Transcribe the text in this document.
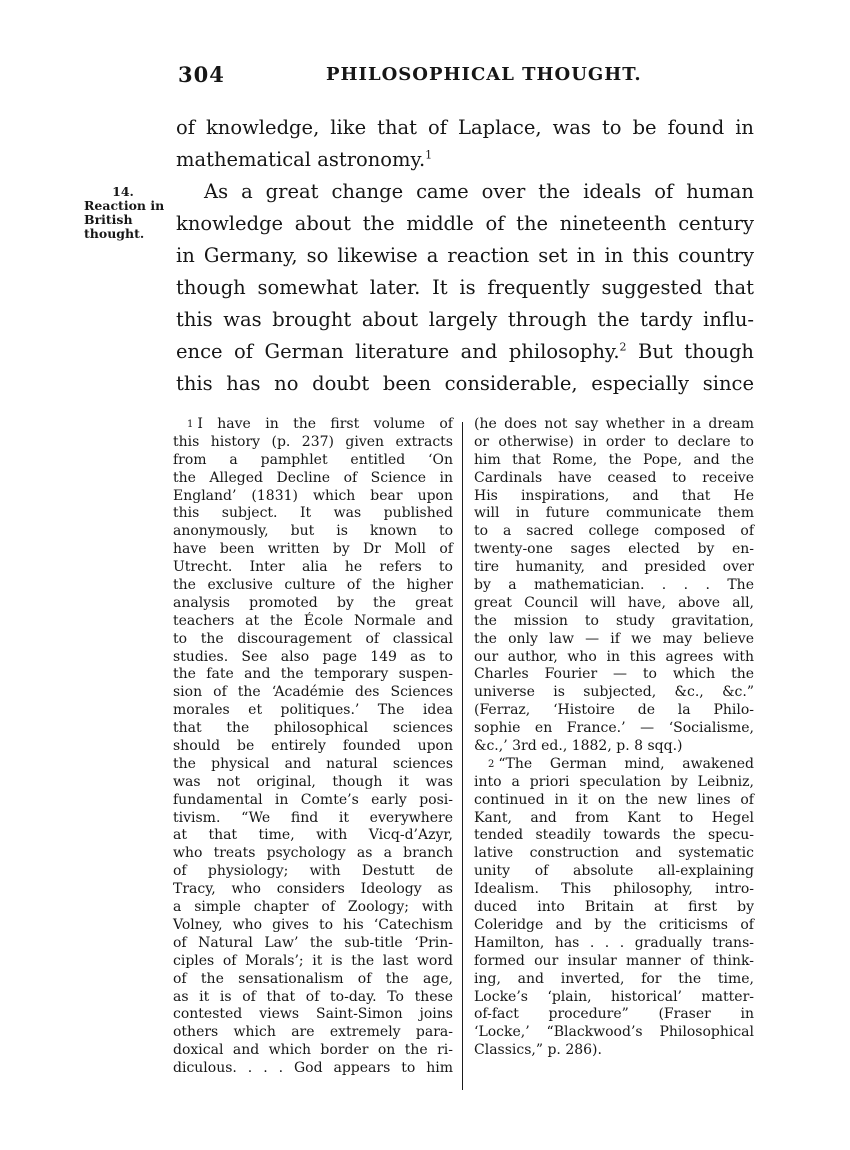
304	PHILOSOPHICAL THOUGHT.
14.
Reaction in
British
thought.
of knowledge, like that of Laplace, was to be found in
mathematical astronomy.$^1$
As a great change came over the ideals of human
knowledge about the middle of the nineteenth century
in Germany, so likewise a reaction set in in this country
though somewhat later. It is frequently suggested that
this was brought about largely through the tardy influ-
ence of German literature and philosophy.$^2$ But though
this has no doubt been considerable, especially since
$^1$ I have in the first volume of
this history (p. 237) given extracts
from a pamphlet entitled ‘On
the Alleged Decline of Science in
England’ (1831) which bear upon
this subject. It was published
anonymously, but is known to
have been written by Dr Moll of
Utrecht. Inter alia he refers to
the exclusive culture of the higher
analysis promoted by the great
teachers at the École Normale and
to the discouragement of classical
studies. See also page 149 as to
the fate and the temporary suspen-
sion of the ‘Académie des Sciences
morales et politiques.’ The idea
that the philosophical sciences
should be entirely founded upon
the physical and natural sciences
was not original, though it was
fundamental in Comte’s early posi-
tivism. “We find it everywhere
at that time, with Vicq-d’Azyr,
who treats psychology as a branch
of physiology; with Destutt de
Tracy, who considers Ideology as
a simple chapter of Zoology; with
Volney, who gives to his ‘Catechism
of Natural Law’ the sub-title ‘Prin-
ciples of Morals’; it is the last word
of the sensationalism of the age,
as it is of that of to-day. To these
contested views Saint-Simon joins
others which are extremely para-
doxical and which border on the ri-
diculous. . . . God appears to him
(he does not say whether in a dream
or otherwise) in order to declare to
him that Rome, the Pope, and the
Cardinals have ceased to receive
His inspirations, and that He
will in future communicate them
to a sacred college composed of
twenty-one sages elected by en-
tire humanity, and presided over
by a mathematician. . . . The
great Council will have, above all,
the mission to study gravitation,
the only law — if we may believe
our author, who in this agrees with
Charles Fourier — to which the
universe is subjected, &c., &c.”
(Ferraz, ‘Histoire de la Philo-
sophie en France.’ — ‘Socialisme,
&c.,’ 3rd ed., 1882, p. 8 sqq.)
$^2$ “The German mind, awakened
into a priori speculation by Leibniz,
continued in it on the new lines of
Kant, and from Kant to Hegel
tended steadily towards the specu-
lative construction and systematic
unity of absolute all-explaining
Idealism. This philosophy, intro-
duced into Britain at first by
Coleridge and by the criticisms of
Hamilton, has . . . gradually trans-
formed our insular manner of think-
ing, and inverted, for the time,
Locke’s ‘plain, historical’ matter-
of-fact procedure” (Fraser in
‘Locke,’ “Blackwood’s Philosophical
Classics,” p. 286).
